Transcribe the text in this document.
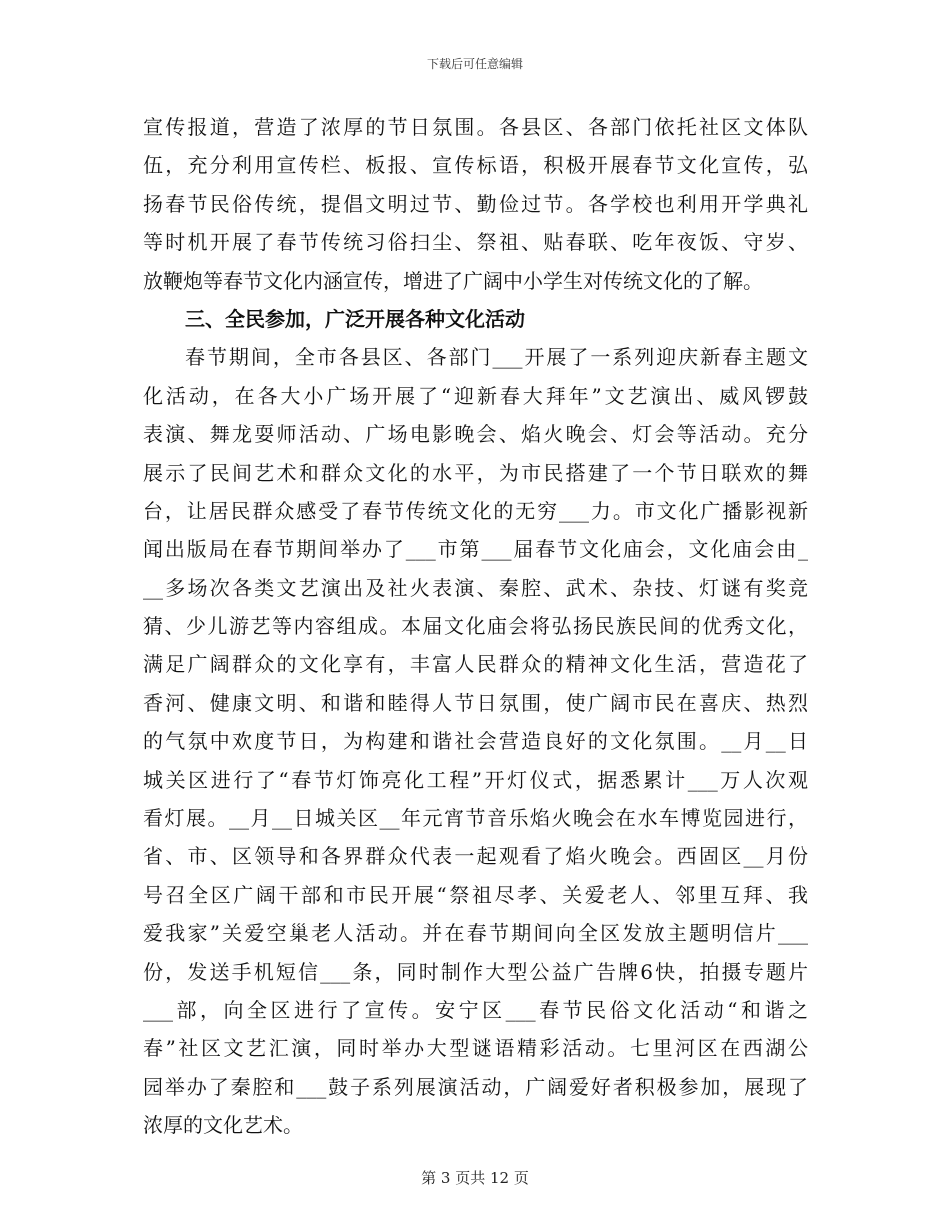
下载后可任意编辑
宣传报道，营造了浓厚的节日氛围。各县区、各部门依托社区文体队
伍，充分利用宣传栏、板报、宣传标语，积极开展春节文化宣传，弘
扬春节民俗传统，提倡文明过节、勤俭过节。各学校也利用开学典礼
等时机开展了春节传统习俗扫尘、祭祖、贴春联、吃年夜饭、守岁、
放鞭炮等春节文化内涵宣传，增进了广阔中小学生对传统文化的了解。
三、全民参加，广泛开展各种文化活动
春节期间，全市各县区、各部门___开展了一系列迎庆新春主题文
化活动，在各大小广场开展了“迎新春大拜年”文艺演出、威风锣鼓
表演、舞龙耍师活动、广场电影晚会、焰火晚会、灯会等活动。充分
展示了民间艺术和群众文化的水平，为市民搭建了一个节日联欢的舞
台，让居民群众感受了春节传统文化的无穷___力。市文化广播影视新
闻出版局在春节期间举办了___市第___届春节文化庙会，文化庙会由_
__多场次各类文艺演出及社火表演、秦腔、武术、杂技、灯谜有奖竞
猜、少儿游艺等内容组成。本届文化庙会将弘扬民族民间的优秀文化，
满足广阔群众的文化享有，丰富人民群众的精神文化生活，营造花了
香河、健康文明、和谐和睦得人节日氛围，使广阔市民在喜庆、热烈
的气氛中欢度节日，为构建和谐社会营造良好的文化氛围。__月__日
城关区进行了“春节灯饰亮化工程”开灯仪式，据悉累计___万人次观
看灯展。__月__日城关区__年元宵节音乐焰火晚会在水车博览园进行，
省、市、区领导和各界群众代表一起观看了焰火晚会。西固区__月份
号召全区广阔干部和市民开展“祭祖尽孝、关爱老人、邻里互拜、我
爱我家”关爱空巢老人活动。并在春节期间向全区发放主题明信片___
份，发送手机短信___条，同时制作大型公益广告牌6快，拍摄专题片
___部，向全区进行了宣传。安宁区___春节民俗文化活动“和谐之
春”社区文艺汇演，同时举办大型谜语精彩活动。七里河区在西湖公
园举办了秦腔和___鼓子系列展演活动，广阔爱好者积极参加，展现了
浓厚的文化艺术。
第 3 页共 12 页
